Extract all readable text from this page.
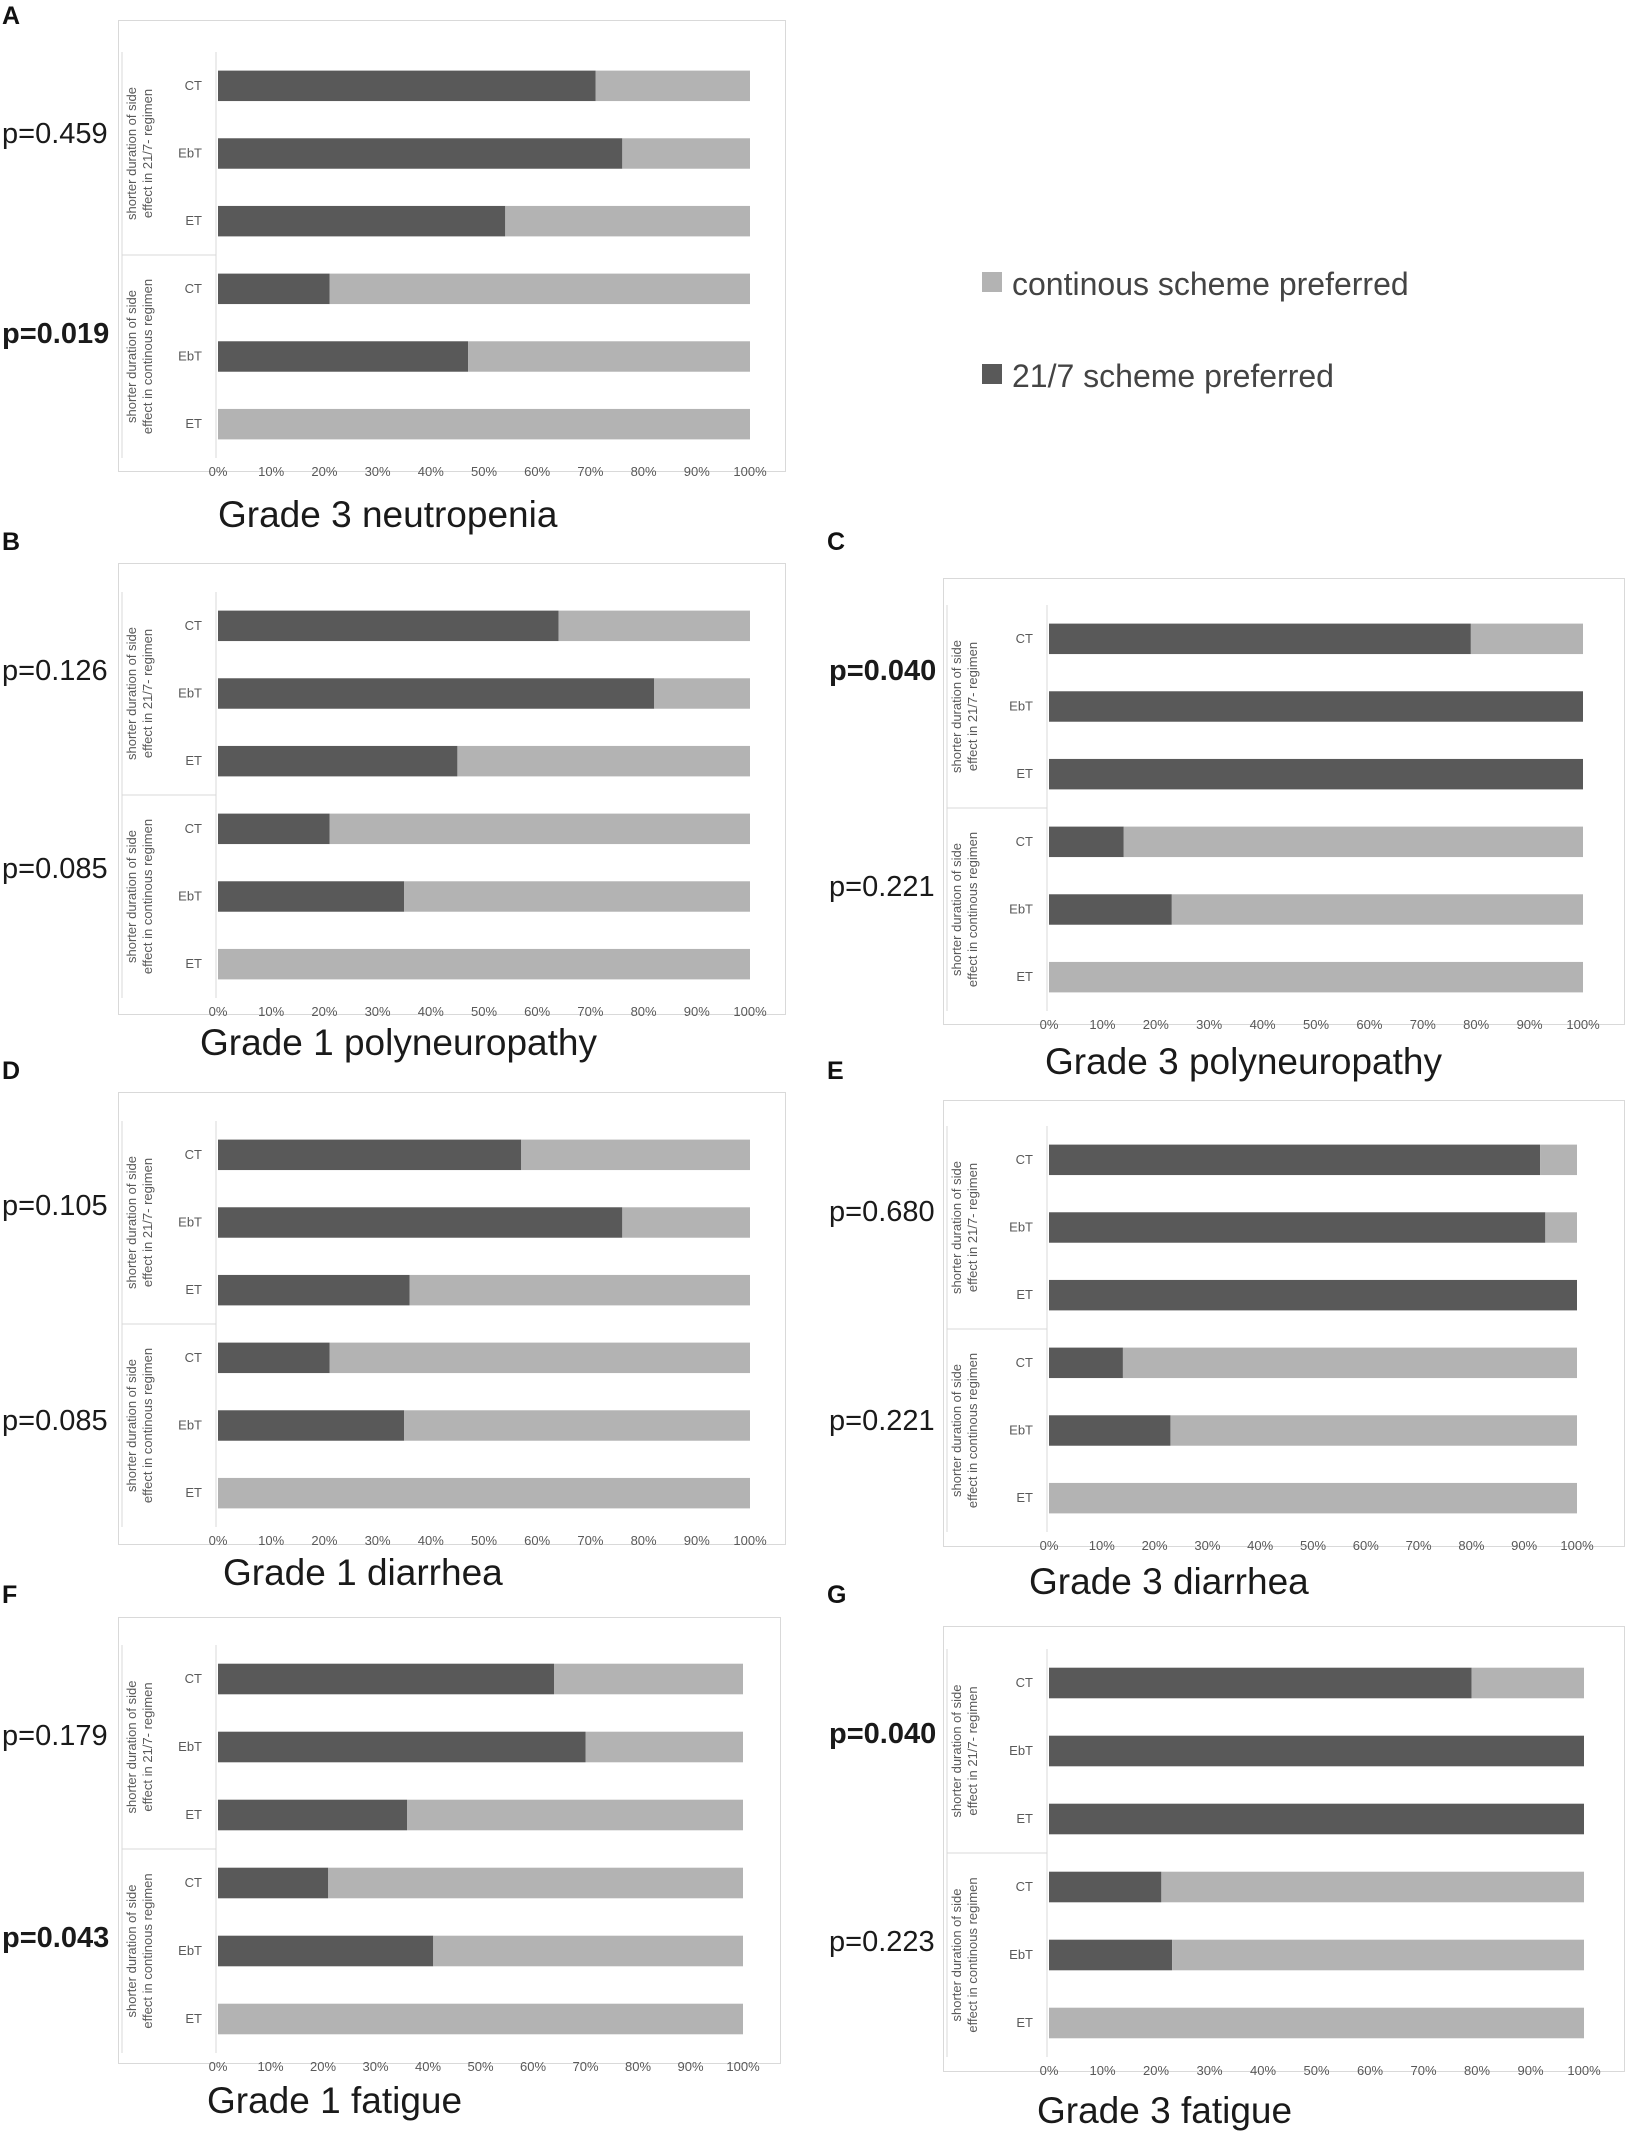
continous scheme preferred
21/7 scheme preferred
A
p=0.459
p=0.019
Grade 3 neutropenia
shorter duration of sideeffect in 21/7- regimen
shorter duration of sideeffect in continous regimen
CT
EbT
ET
CT
EbT
ET
0% 10% 20% 30% 40% 50% 60% 70% 80% 90% 100%
B
p=0.126
p=0.085
Grade 1 polyneuropathy
shorter duration of sideeffect in 21/7- regimen
shorter duration of sideeffect in continous regimen
CT
EbT
ET
CT
EbT
ET
0% 10% 20% 30% 40% 50% 60% 70% 80% 90% 100%
C
p=0.040
p=0.221
Grade 3 polyneuropathy
shorter duration of sideeffect in 21/7- regimen
shorter duration of sideeffect in continous regimen
CT
EbT
ET
CT
EbT
ET
0% 10% 20% 30% 40% 50% 60% 70% 80% 90% 100%
D
p=0.105
p=0.085
Grade 1 diarrhea
shorter duration of sideeffect in 21/7- regimen
shorter duration of sideeffect in continous regimen
CT
EbT
ET
CT
EbT
ET
0% 10% 20% 30% 40% 50% 60% 70% 80% 90% 100%
E
p=0.680
p=0.221
Grade 3 diarrhea
shorter duration of sideeffect in 21/7- regimen
shorter duration of sideeffect in continous regimen
CT
EbT
ET
CT
EbT
ET
0% 10% 20% 30% 40% 50% 60% 70% 80% 90% 100%
F
p=0.179
p=0.043
Grade 1 fatigue
shorter duration of sideeffect in 21/7- regimen
shorter duration of sideeffect in continous regimen
CT
EbT
ET
CT
EbT
ET
0% 10% 20% 30% 40% 50% 60% 70% 80% 90% 100%
G
p=0.040
p=0.223
Grade 3 fatigue
shorter duration of sideeffect in 21/7- regimen
shorter duration of sideeffect in continous regimen
CT
EbT
ET
CT
EbT
ET
0% 10% 20% 30% 40% 50% 60% 70% 80% 90% 100%
